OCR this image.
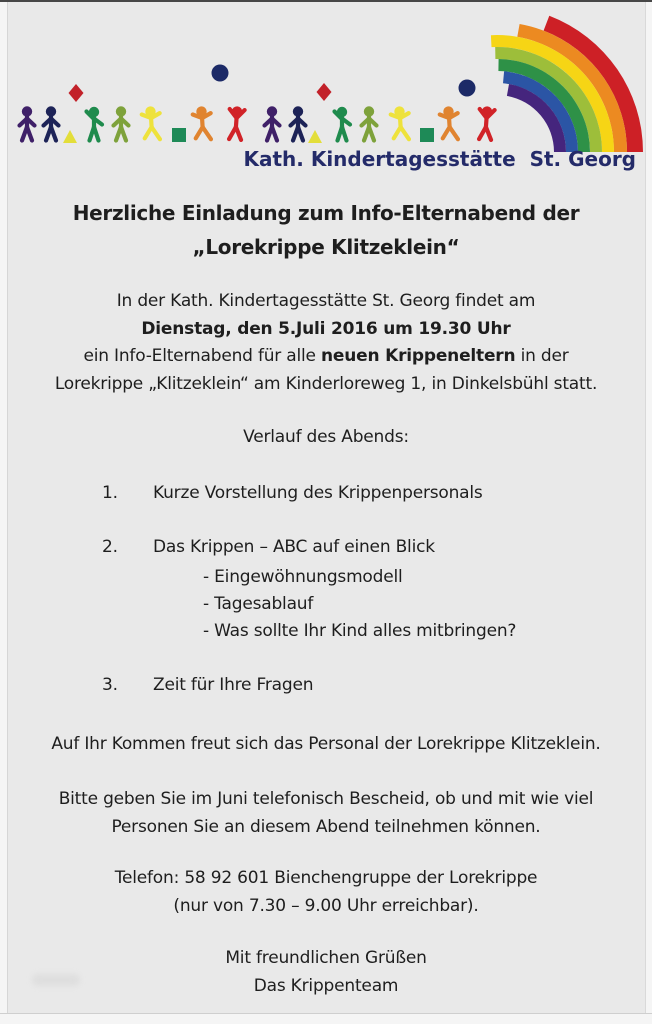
Kath. Kindertagesstätte  St. Georg
Herzliche Einladung zum Info-Elternabend der
„Lorekrippe Klitzeklein“
In der Kath. Kindertagesstätte St. Georg findet am
Dienstag, den 5.Juli 2016 um 19.30 Uhr
ein Info-Elternabend für alle neuen Krippeneltern in der
Lorekrippe „Klitzeklein“ am Kinderloreweg 1, in Dinkelsbühl statt.
Verlauf des Abends:
1.	Kurze Vorstellung des Krippenpersonals
2.	Das Krippen – ABC auf einen Blick
- Eingewöhnungsmodell
- Tagesablauf
- Was sollte Ihr Kind alles mitbringen?
3.	Zeit für Ihre Fragen
Auf Ihr Kommen freut sich das Personal der Lorekrippe Klitzeklein.
Bitte geben Sie im Juni telefonisch Bescheid, ob und mit wie viel
Personen Sie an diesem Abend teilnehmen können.
Telefon: 58 92 601 Bienchengruppe der Lorekrippe
(nur von 7.30 – 9.00 Uhr erreichbar).
Mit freundlichen Grüßen
Das Krippenteam
